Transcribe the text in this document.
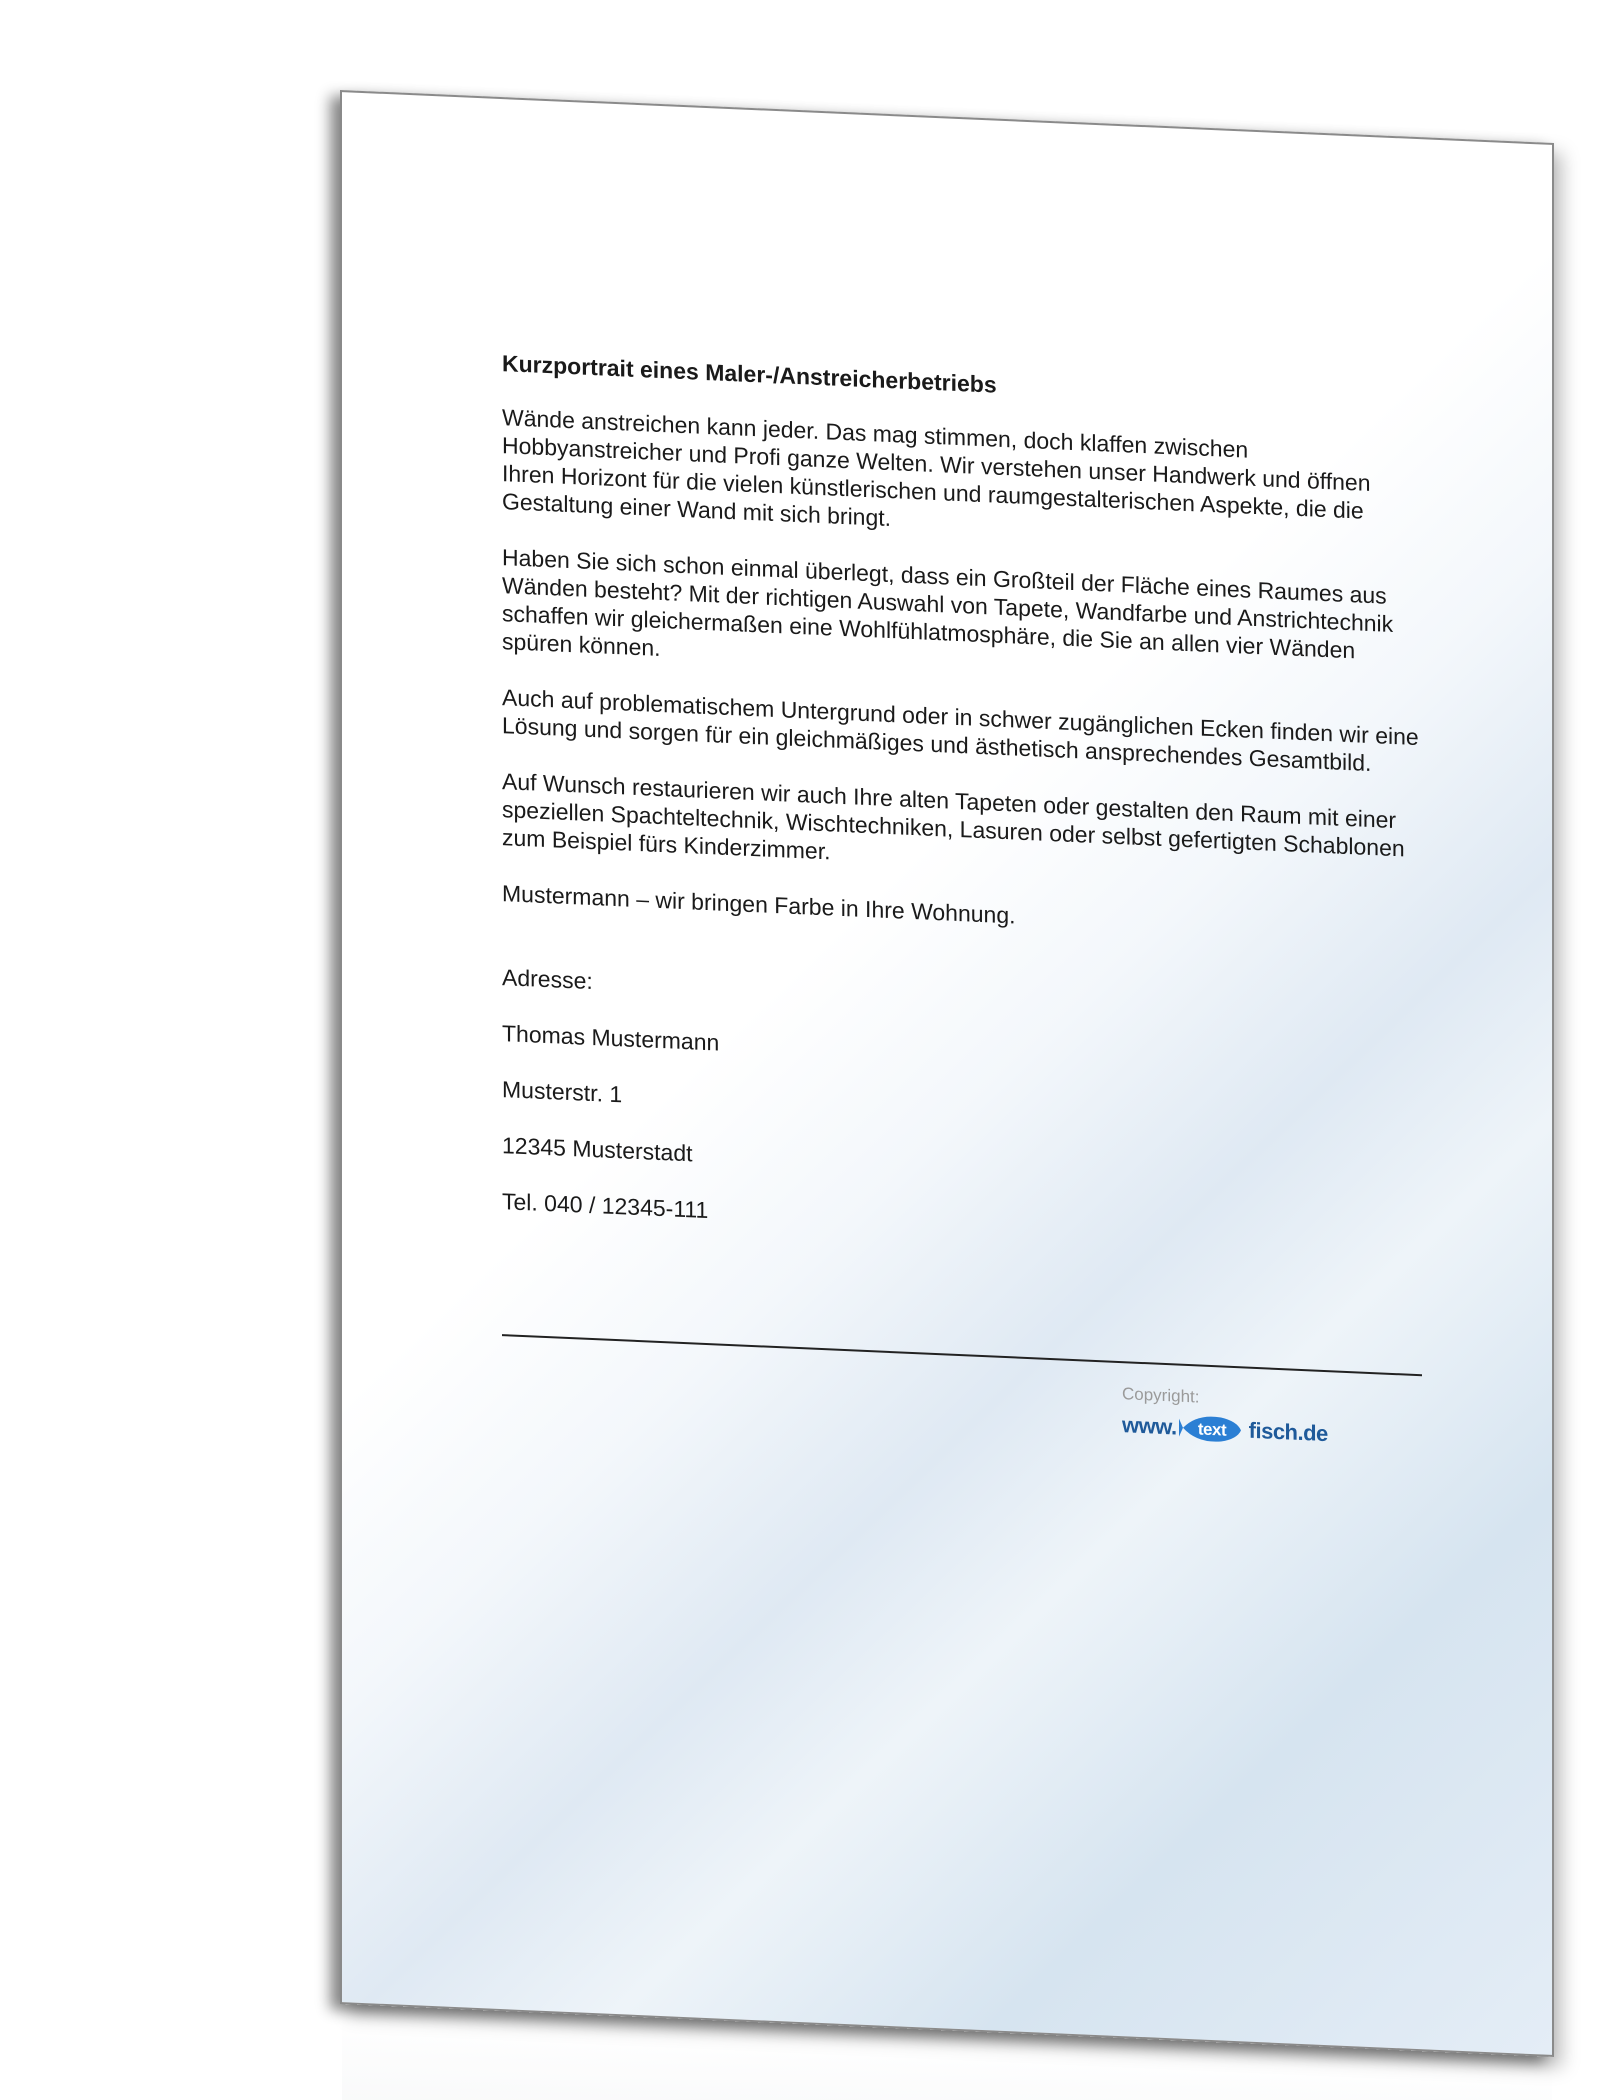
Kurzportrait eines Maler-/Anstreicherbetriebs

Wände anstreichen kann jeder. Das mag stimmen, doch klaffen zwischen Hobbyanstreicher und Profi ganze Welten. Wir verstehen unser Handwerk und öffnen Ihren Horizont für die vielen künstlerischen und raumgestalterischen Aspekte, die die Gestaltung einer Wand mit sich bringt.

Haben Sie sich schon einmal überlegt, dass ein Großteil der Fläche eines Raumes aus Wänden besteht? Mit der richtigen Auswahl von Tapete, Wandfarbe und Anstrichtechnik schaffen wir gleichermaßen eine Wohlfühlatmosphäre, die Sie an allen vier Wänden spüren können.

Auch auf problematischem Untergrund oder in schwer zugänglichen Ecken finden wir eine Lösung und sorgen für ein gleichmäßiges und ästhetisch ansprechendes Gesamtbild.

Auf Wunsch restaurieren wir auch Ihre alten Tapeten oder gestalten den Raum mit einer speziellen Spachteltechnik, Wischtechniken, Lasuren oder selbst gefertigten Schablonen zum Beispiel fürs Kinderzimmer.

Mustermann – wir bringen Farbe in Ihre Wohnung.

Adresse:

Thomas Mustermann

Musterstr. 1

12345 Musterstadt

Tel. 040 / 12345-111

Copyright:
www. text fisch .de
